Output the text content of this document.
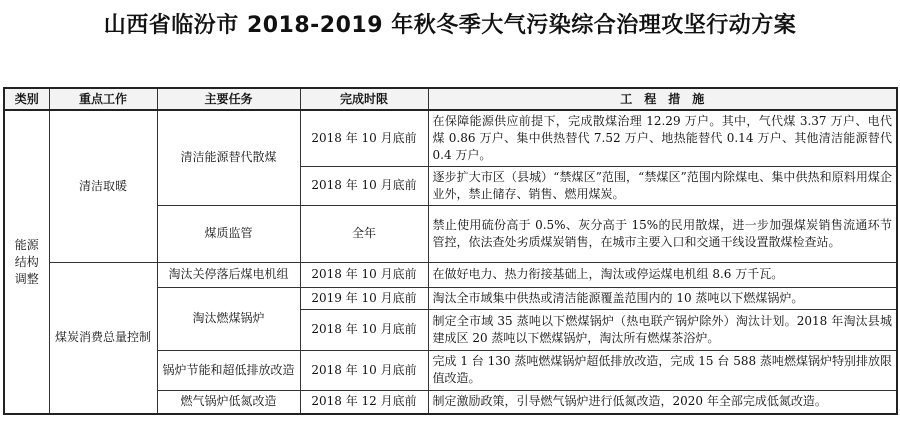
山西省临汾市 2018-2019 年秋冬季大气污染综合治理攻坚行动方案
类别	重点工作	主要任务	完成时限	工　程　措　施
能源结构调整	清洁取暖	清洁能源替代散煤	2018 年 10 月底前	在保障能源供应前提下，完成散煤治理 12.29 万户。其中，气代煤 3.37 万户、电代煤 0.86 万户、集中供热替代 7.52 万户、地热能替代 0.14 万户、其他清洁能源替代 0.4 万户。
			2018 年 10 月底前	逐步扩大市区（县城）“禁煤区”范围，“禁煤区”范围内除煤电、集中供热和原料用煤企业外，禁止储存、销售、燃用煤炭。
		煤质监管	全年	禁止使用硫份高于 0.5%、灰分高于 15%的民用散煤，进一步加强煤炭销售流通环节管控，依法查处劣质煤炭销售，在城市主要入口和交通干线设置散煤检查站。
	煤炭消费总量控制	淘汰关停落后煤电机组	2018 年 10 月底前	在做好电力、热力衔接基础上，淘汰或停运煤电机组 8.6 万千瓦。
		淘汰燃煤锅炉	2019 年 10 月底前	淘汰全市域集中供热或清洁能源覆盖范围内的 10 蒸吨以下燃煤锅炉。
			2018 年 10 月底前	制定全市域 35 蒸吨以下燃煤锅炉（热电联产锅炉除外）淘汰计划。2018 年淘汰县城建成区 20 蒸吨以下燃煤锅炉，淘汰所有燃煤茶浴炉。
		锅炉节能和超低排放改造	2018 年 10 月底前	完成 1 台 130 蒸吨燃煤锅炉超低排放改造，完成 15 台 588 蒸吨燃煤锅炉特别排放限值改造。
		燃气锅炉低氮改造	2018 年 12 月底前	制定激励政策，引导燃气锅炉进行低氮改造，2020 年全部完成低氮改造。
